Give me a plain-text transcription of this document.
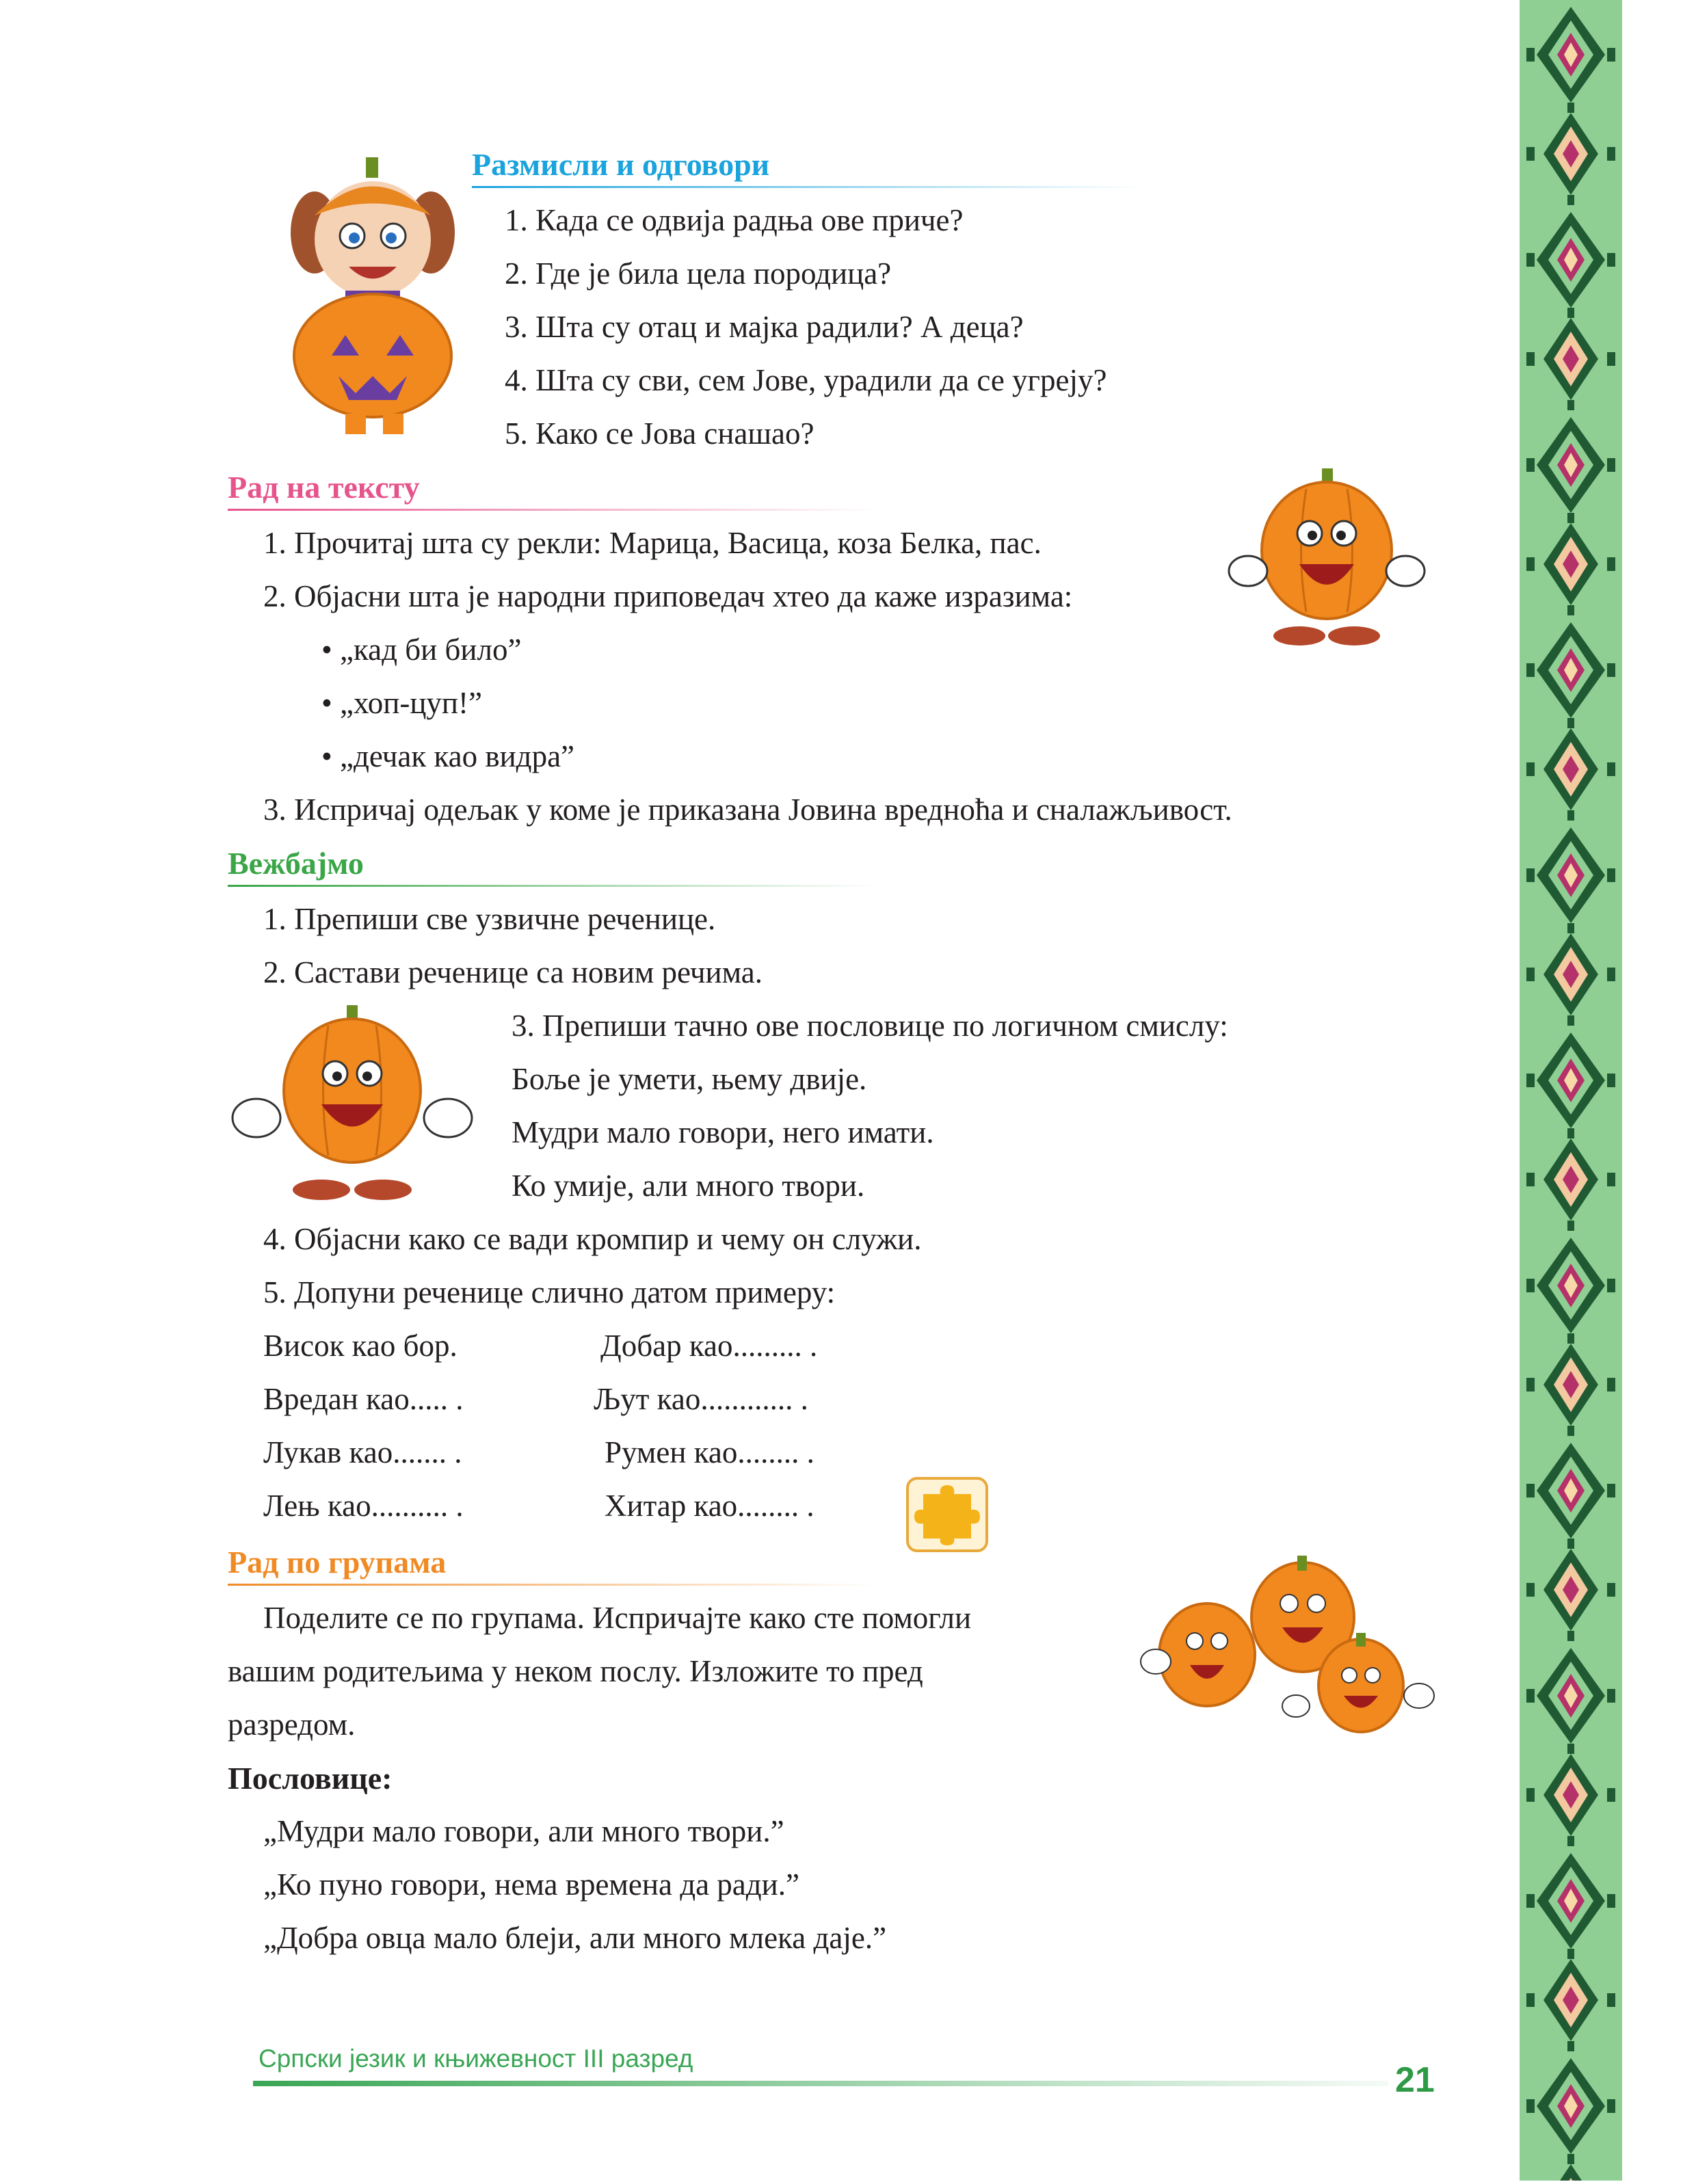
Размисли и одговори
1. Када се одвија радња ове приче?
2. Где је била цела породица?
3. Шта су отац и мајка радили? А деца?
4. Шта су сви, сем Јове, урадили да се угреју?
5. Како се Јова снашао?
Рад на тексту
1. Прочитај шта су рекли: Марица, Васица, коза Белка, пас.
2. Објасни шта је народни приповедач хтео да каже изразима:
• „кад би било”
• „хоп-цуп!”
• „дечак као видра”
3. Испричај одељак у коме је приказана Јовина вредноћа и сналажљивост.
Вежбајмо
1. Препиши све узвичне реченице.
2. Састави реченице са новим речима.
3. Препиши тачно ове пословице по логичном смислу:
Боље је умети, њему двије.
Мудри мало говори, него имати.
Ко умије, али много твори.
4. Објасни како се вади кромпир и чему он служи.
5. Допуни реченице слично датом примеру:
Висок као бор.	Добар као......... .
Вредан као..... .	Љут као............ .
Лукав као....... .	Румен као........ .
Лењ као.......... .	Хитар као........ .
Рад по групама
Поделите се по групама. Испричајте како сте помогли
вашим родитељима у неком послу. Изложите то пред
разредом.
Пословице:
„Мудри мало говори, али много твори.”
„Ко пуно говори, нема времена да ради.”
„Добра овца мало блеји, али много млека даје.”
Српски језик и књижевност III разред
21
